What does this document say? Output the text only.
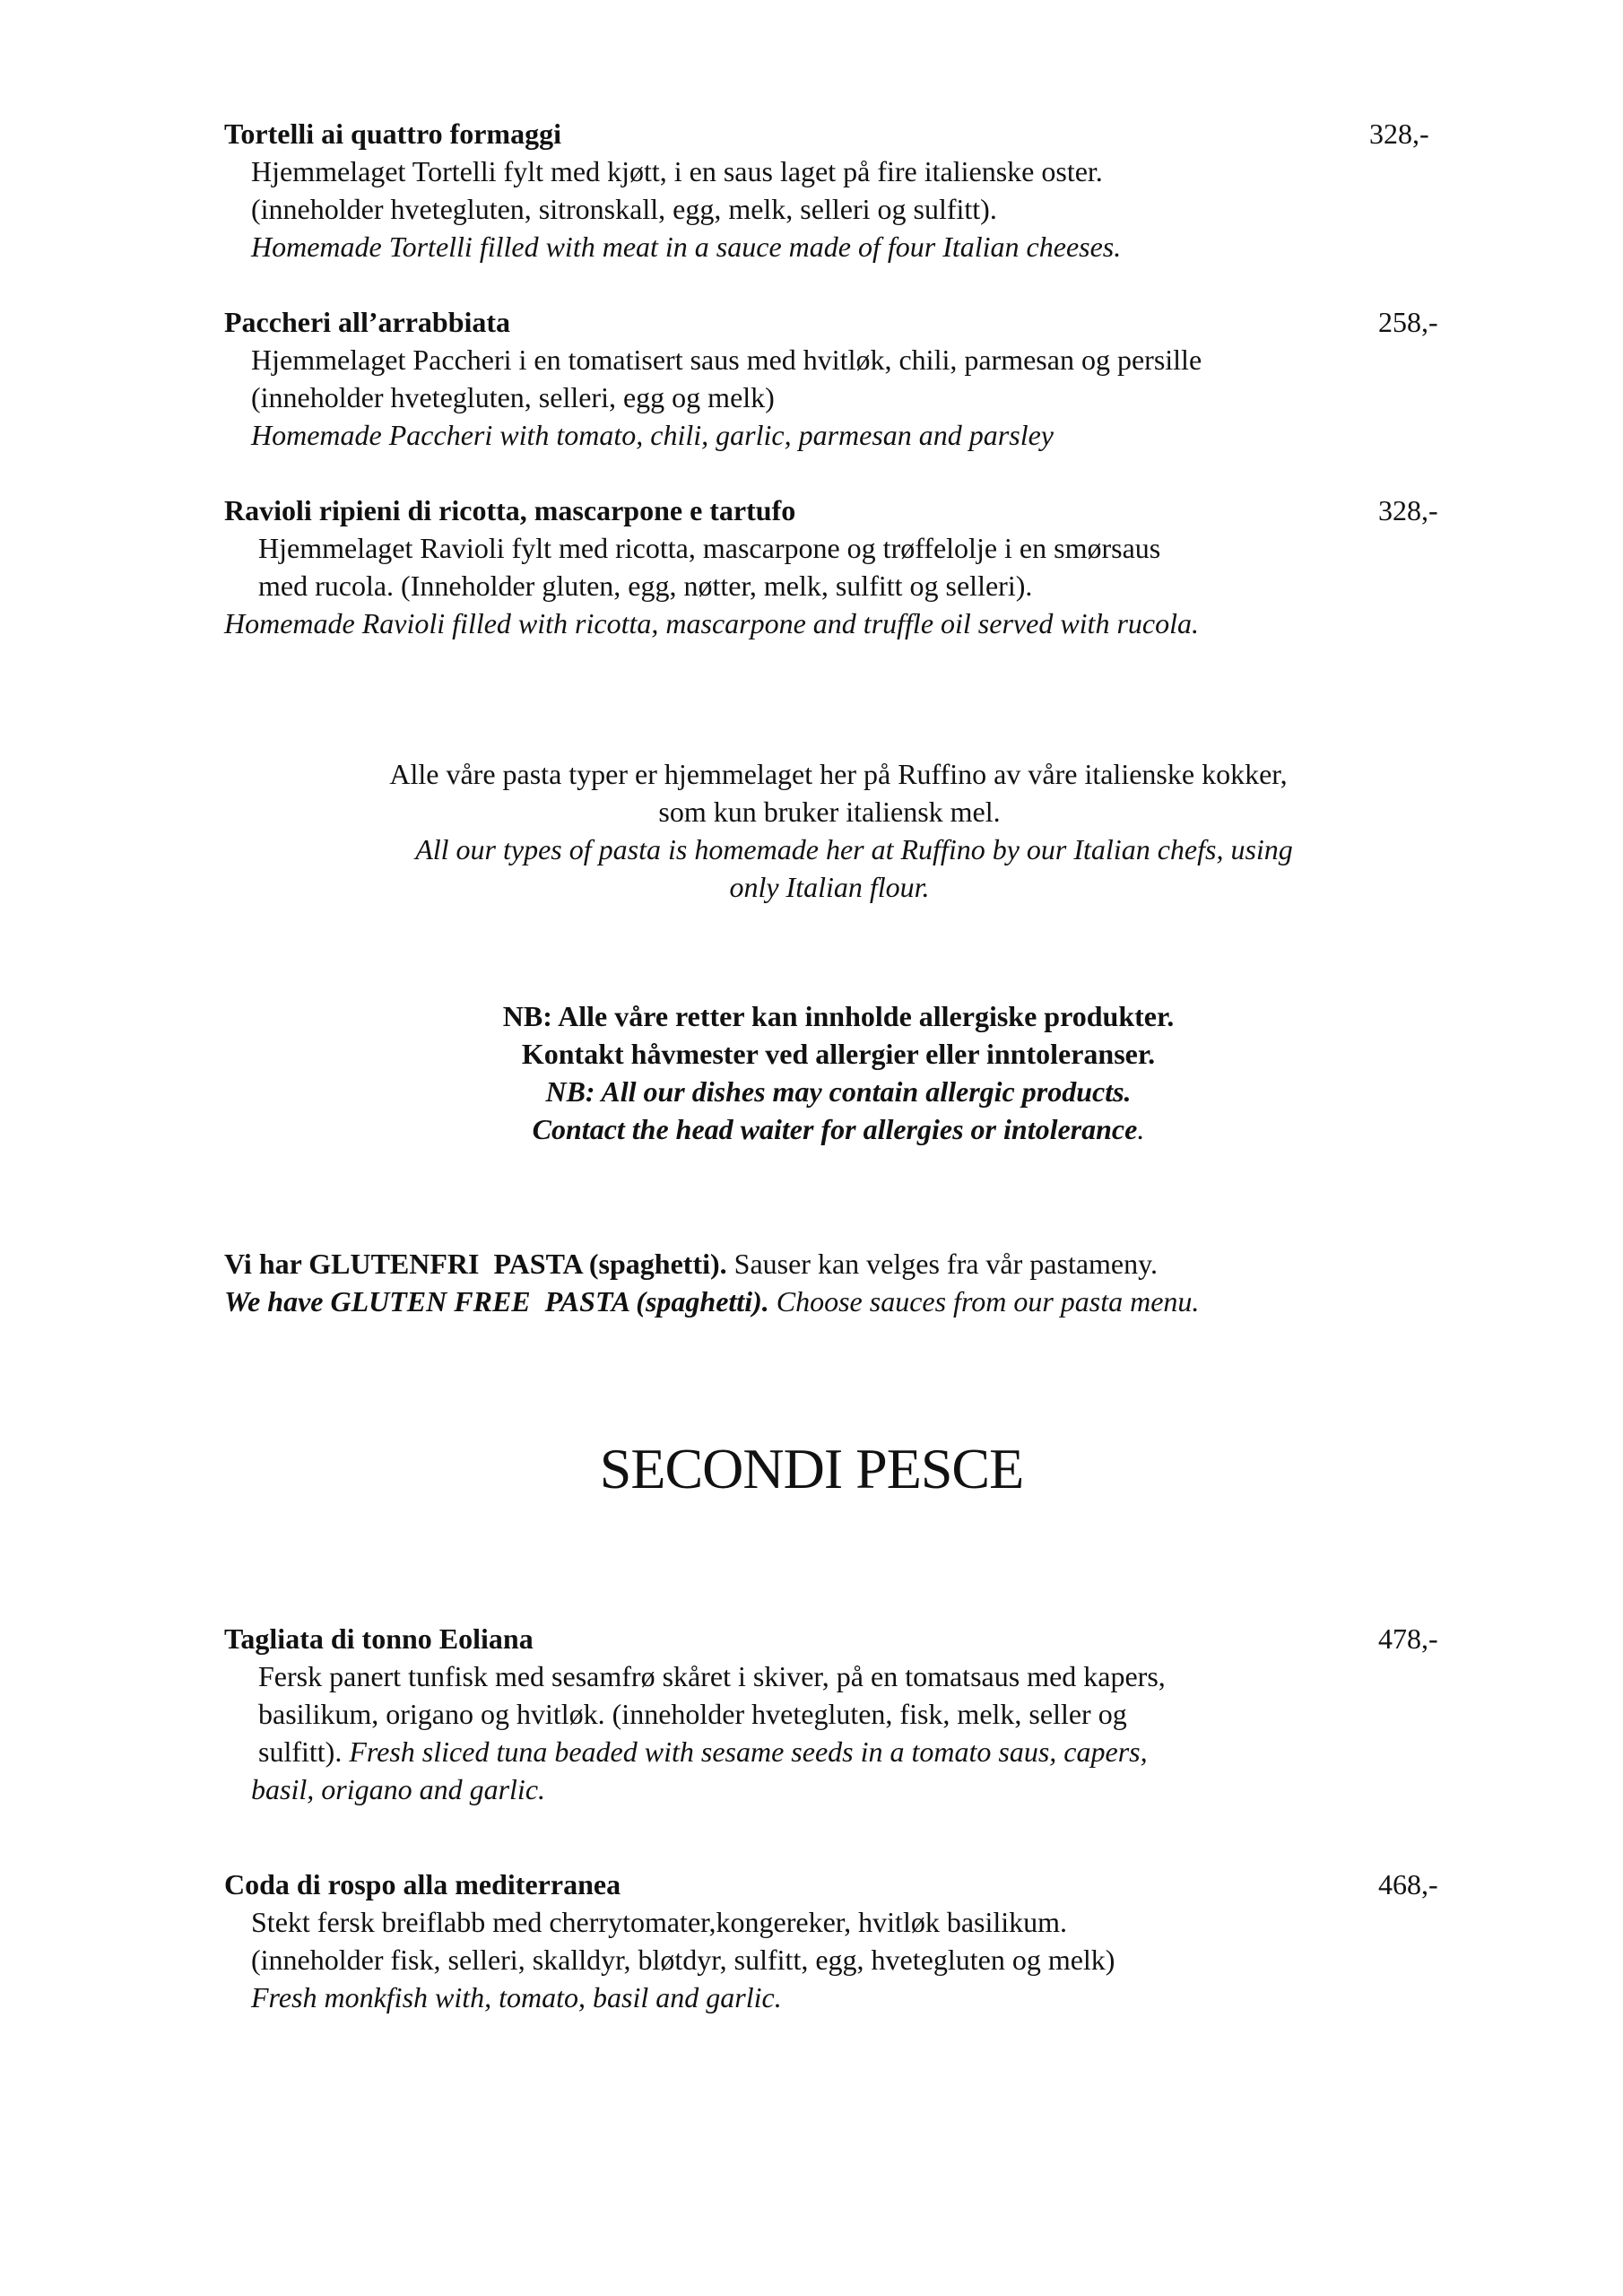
Tortelli ai quattro formaggi	328,-
Hjemmelaget Tortelli fylt med kjøtt, i en saus laget på fire italienske oster.
(inneholder hvetegluten, sitronskall, egg, melk, selleri og sulfitt).
Homemade Tortelli filled with meat in a sauce made of four Italian cheeses.
Paccheri all’arrabbiata	258,-
Hjemmelaget Paccheri i en tomatisert saus med hvitløk, chili, parmesan og persille
(inneholder hvetegluten, selleri, egg og melk)
Homemade Paccheri with tomato, chili, garlic, parmesan and parsley
Ravioli ripieni di ricotta, mascarpone e tartufo	328,-
Hjemmelaget Ravioli fylt med ricotta, mascarpone og trøffelolje i en smørsaus
med rucola. (Inneholder gluten, egg, nøtter, melk, sulfitt og selleri).
Homemade Ravioli filled with ricotta, mascarpone and truffle oil served with rucola.
Alle våre pasta typer er hjemmelaget her på Ruffino av våre italienske kokker,
som kun bruker italiensk mel.
All our types of pasta is homemade her at Ruffino by our Italian chefs, using
only Italian flour.
NB: Alle våre retter kan innholde allergiske produkter.
Kontakt håvmester ved allergier eller inntoleranser.
NB: All our dishes may contain allergic products.
Contact the head waiter for allergies or intolerance.
Vi har GLUTENFRI  PASTA (spaghetti). Sauser kan velges fra vår pastameny.
We have GLUTEN FREE  PASTA (spaghetti). Choose sauces from our pasta menu.
SECONDI PESCE
Tagliata di tonno Eoliana	478,-
Fersk panert tunfisk med sesamfrø skåret i skiver, på en tomatsaus med kapers,
basilikum, origano og hvitløk. (inneholder hvetegluten, fisk, melk, seller og
sulfitt). Fresh sliced tuna beaded with sesame seeds in a tomato saus, capers,
basil, origano and garlic.
Coda di rospo alla mediterranea	468,-
Stekt fersk breiflabb med cherrytomater,kongereker, hvitløk basilikum.
(inneholder fisk, selleri, skalldyr, bløtdyr, sulfitt, egg, hvetegluten og melk)
Fresh monkfish with, tomato, basil and garlic.
